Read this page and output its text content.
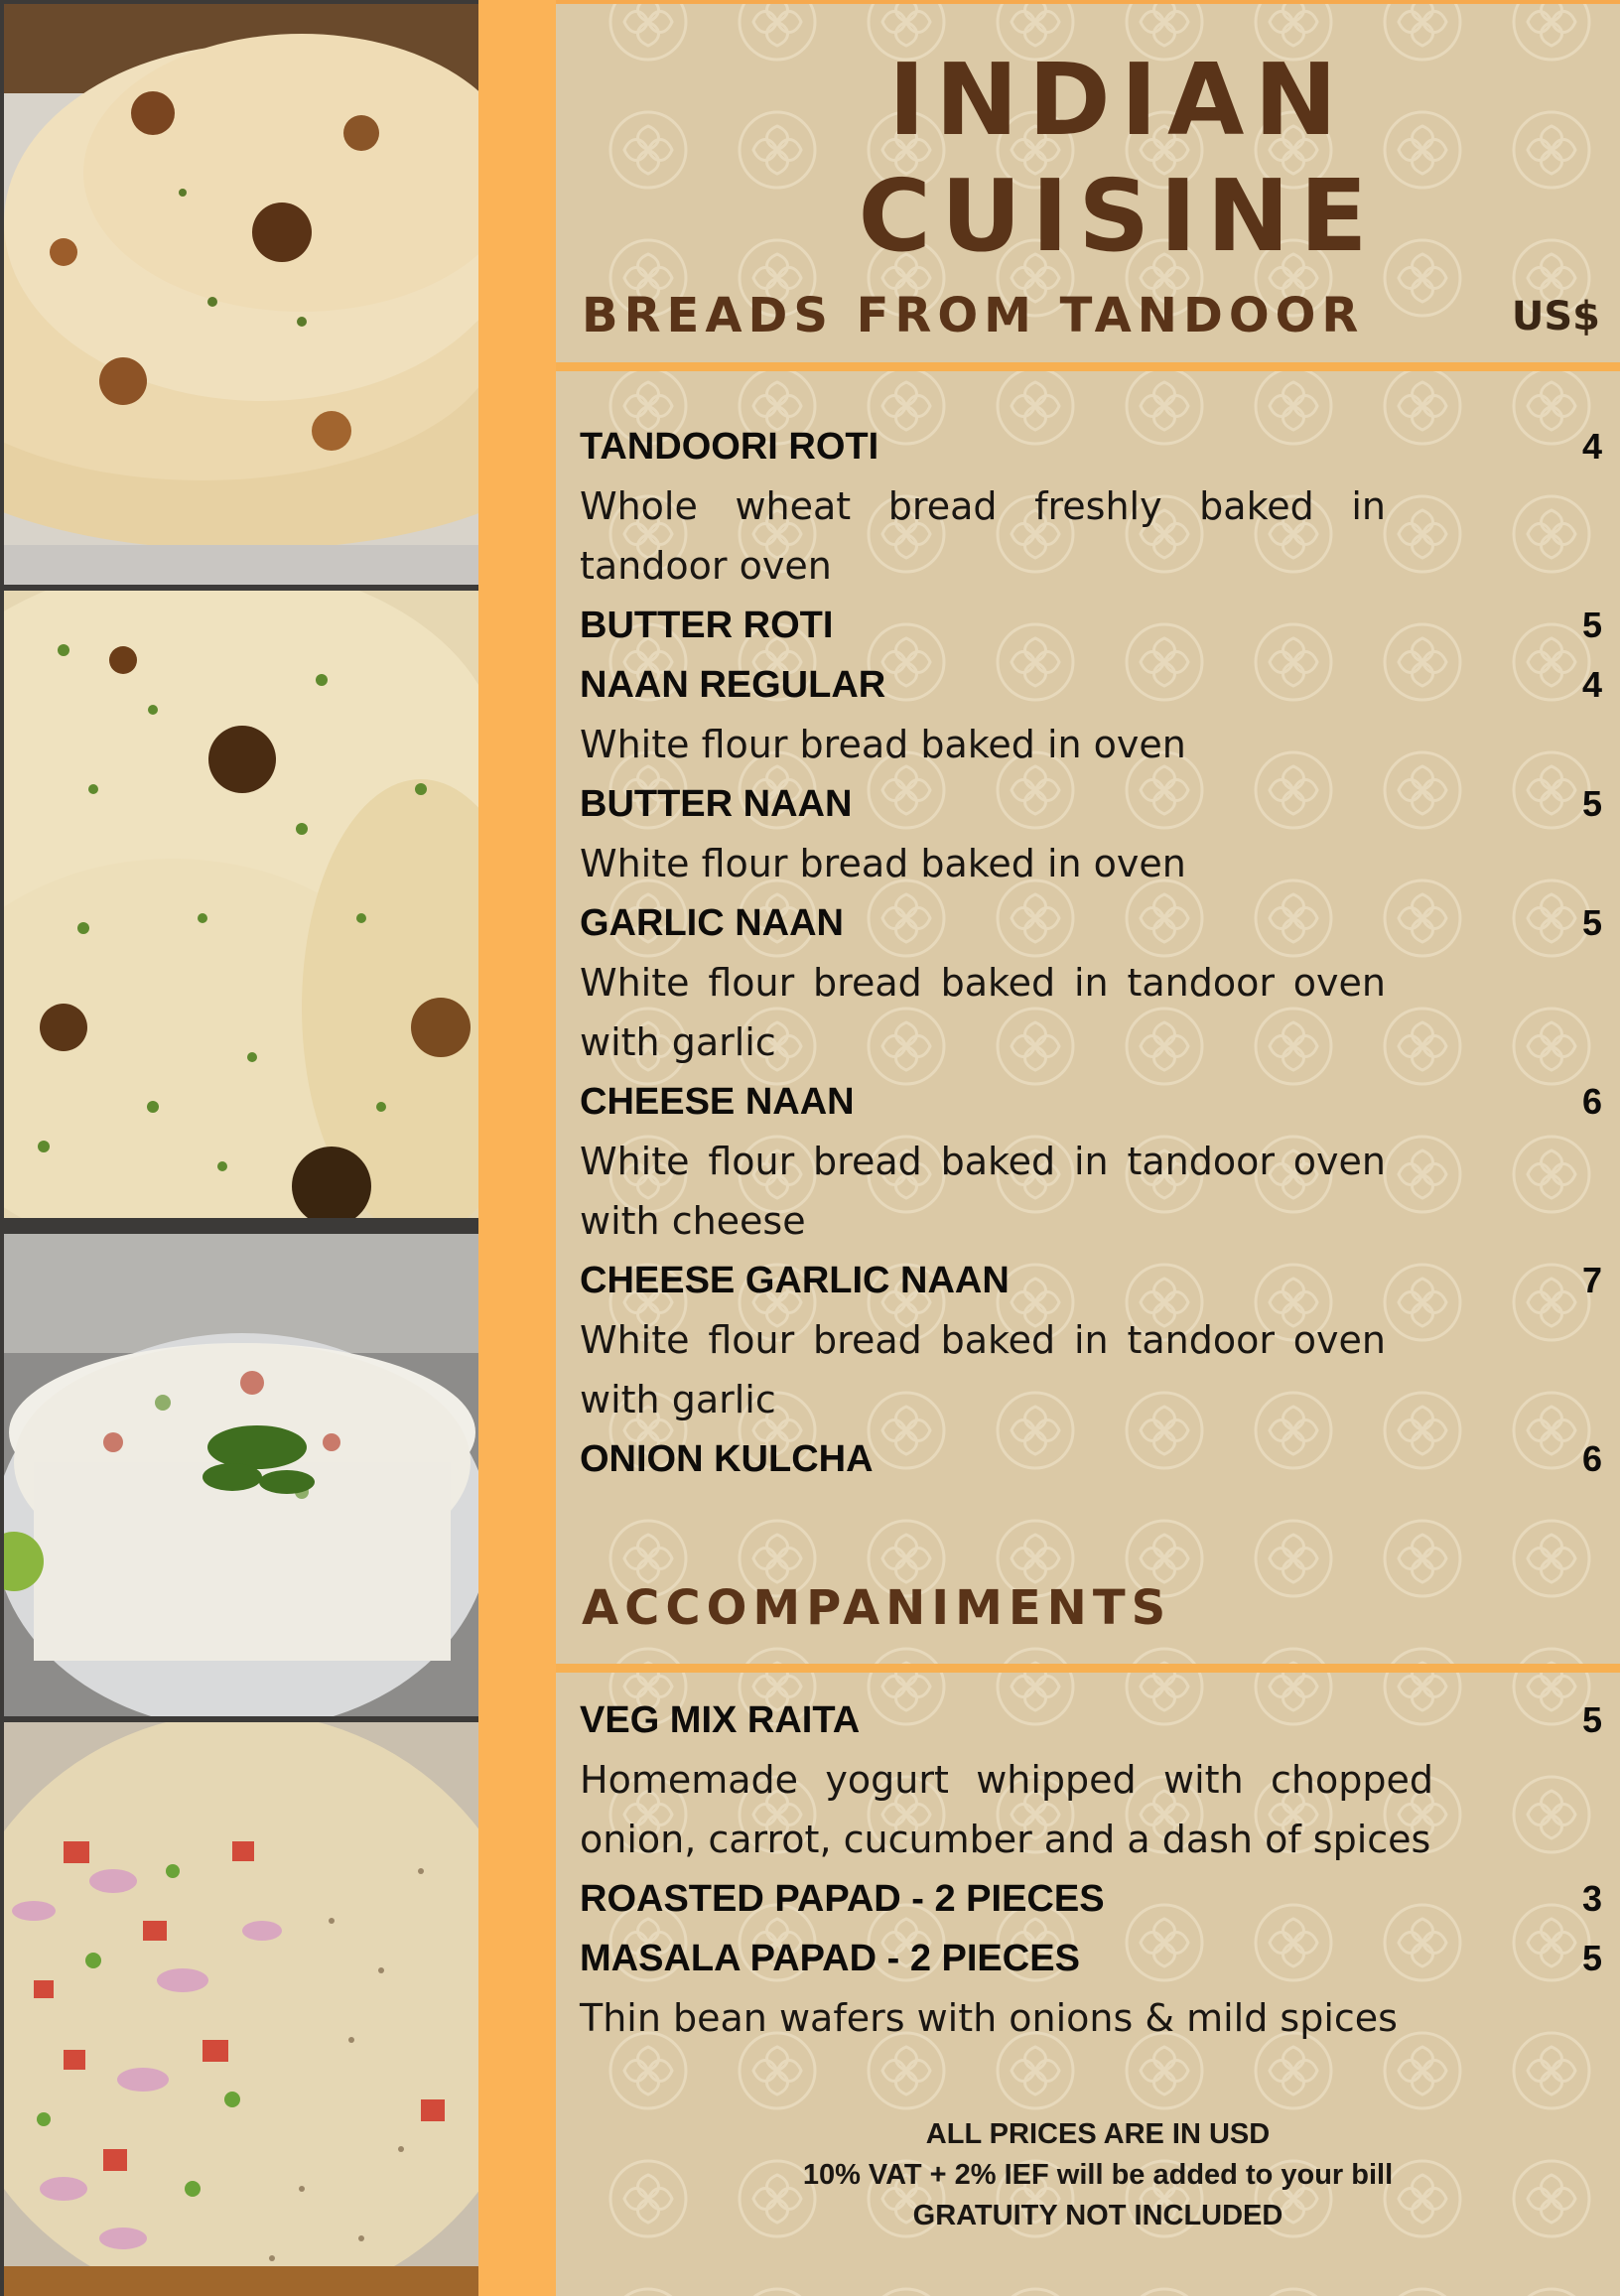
INDIAN CUISINE
BREADS FROM TANDOOR	US$
TANDOORI ROTI	4
Whole wheat bread freshly baked in tandoor oven
BUTTER ROTI	5
NAAN REGULAR	4
White flour bread baked in oven
BUTTER NAAN	5
White flour bread baked in oven
GARLIC NAAN	5
White flour bread baked in tandoor oven with garlic
CHEESE NAAN	6
White flour bread baked in tandoor oven with cheese
CHEESE GARLIC NAAN	7
White flour bread baked in tandoor oven with garlic
ONION KULCHA	6
ACCOMPANIMENTS
VEG MIX RAITA	5
Homemade yogurt whipped with chopped onion, carrot, cucumber and a dash of spices
ROASTED PAPAD - 2 PIECES	3
MASALA PAPAD - 2 PIECES	5
Thin bean wafers with onions & mild spices
ALL PRICES ARE IN USD
10% VAT + 2% IEF will be added to your bill
GRATUITY NOT INCLUDED
